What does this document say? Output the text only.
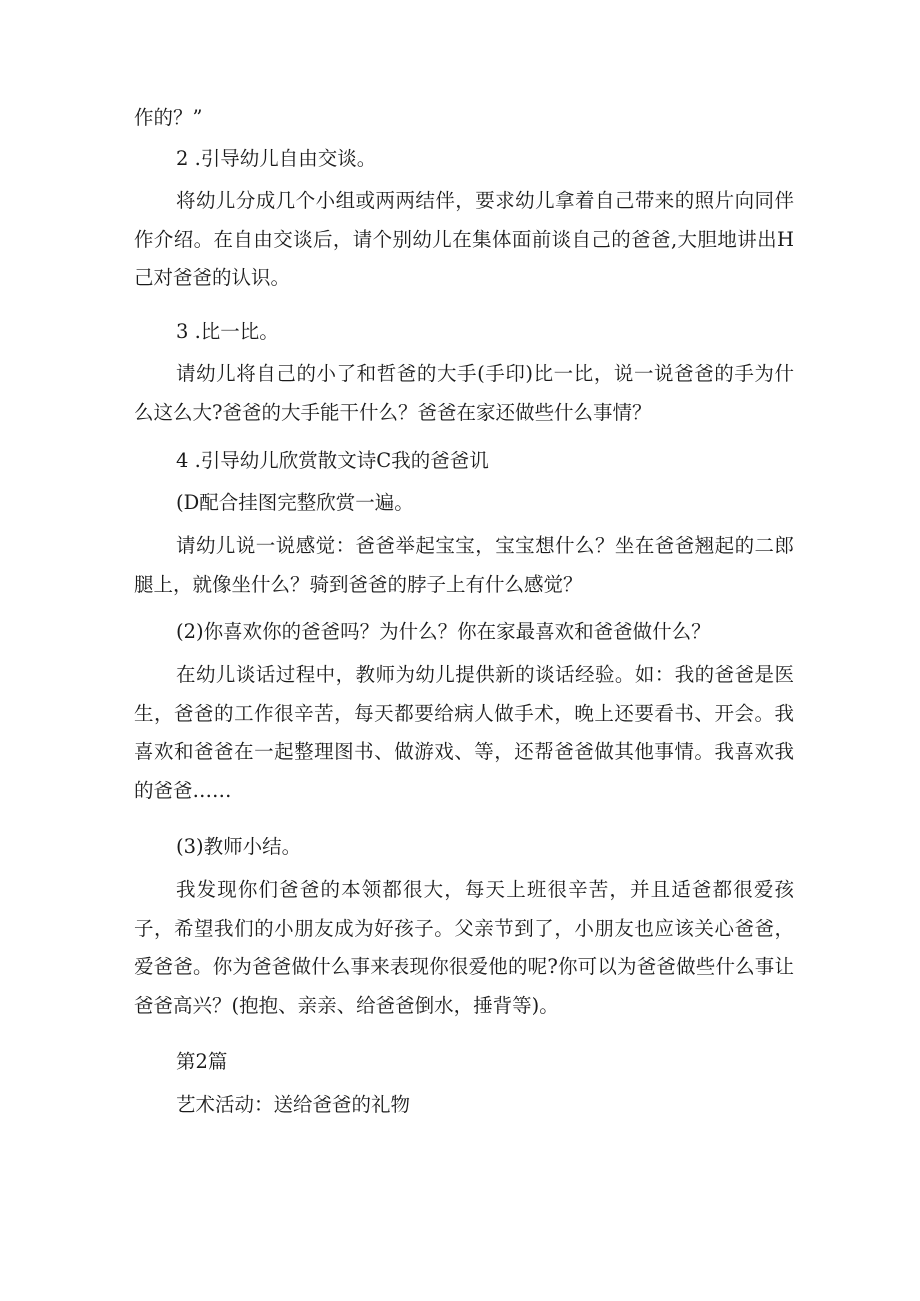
作的？”

2 .引导幼儿自由交谈。

将幼儿分成几个小组或两两结伴，要求幼儿拿着自己带来的照片向同伴作介绍。在自由交谈后，请个别幼儿在集体面前谈自己的爸爸,大胆地讲出H己对爸爸的认识。

3 .比一比。

请幼儿将自己的小了和哲爸的大手(手印)比一比，说一说爸爸的手为什么这么大?爸爸的大手能干什么？爸爸在家还做些什么事情？

4 .引导幼儿欣赏散文诗C我的爸爸讥

(D配合挂图完整欣赏一遍。

请幼儿说一说感觉：爸爸举起宝宝，宝宝想什么？坐在爸爸翘起的二郎腿上，就像坐什么？骑到爸爸的脖子上有什么感觉？

(2)你喜欢你的爸爸吗？为什么？你在家最喜欢和爸爸做什么？

在幼儿谈话过程中，教师为幼儿提供新的谈话经验。如：我的爸爸是医生，爸爸的工作很辛苦，每天都要给病人做手术，晚上还要看书、开会。我喜欢和爸爸在一起整理图书、做游戏、等，还帮爸爸做其他事情。我喜欢我的爸爸……

(3)教师小结。

我发现你们爸爸的本领都很大，每天上班很辛苦，并且适爸都很爱孩子，希望我们的小朋友成为好孩子。父亲节到了，小朋友也应该关心爸爸，爱爸爸。你为爸爸做什么事来表现你很爱他的呢?你可以为爸爸做些什么事让爸爸高兴？(抱抱、亲亲、给爸爸倒水，捶背等)。

第2篇

艺术活动：送给爸爸的礼物
